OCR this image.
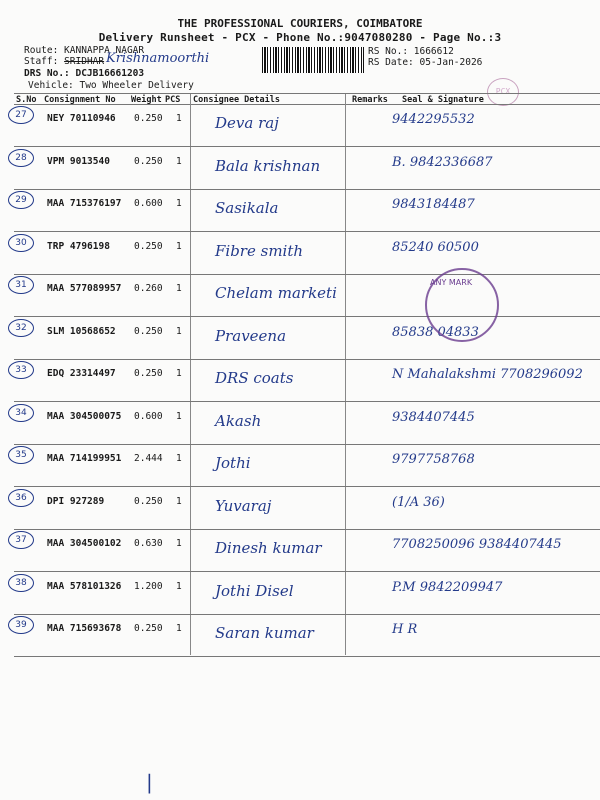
THE PROFESSIONAL COURIERS, COIMBATORE
Delivery Runsheet - PCX - Phone No.:9047080280 - Page No.:3
Route: KANNAPPA NAGAR
Staff: SRIDHAR Krishnamoorthi
DRS No.: DCJB16661203
Vehicle: Two Wheeler Delivery
RS No.: 1666612
RS Date: 05-Jan-2026
PCX
S.No Consignment No Weight PCS Consignee Details	Remarks Seal & Signature
27	NEY 70110946 0.250 1 Deva raj	9442295532
28	VPM 9013540	0.250 1 Bala krishnan	B. 9842336687
29	MAA 715376197 0.600 1 Sasikala	9843184487
30	TRP 4796198	0.250 1 Fibre smith	85240 60500
31	MAA 577089957 0.260 1 Chelam marketi
32	SLM 10568652 0.250 1 Praveena	85838 04833
33	EDQ 23314497 0.250 1 DRS coats	N Mahalakshmi 7708296092
34	MAA 304500075 0.600 1 Akash	9384407445
35	MAA 714199951 2.444 1 Jothi	9797758768
36	DPI 927289	0.250 1 Yuvaraj	(1/A 36)
37	MAA 304500102 0.630 1 Dinesh kumar	7708250096 9384407445
38	MAA 578101326 1.200 1 Jothi Disel	P.M 9842209947
39	MAA 715693678 0.250 1 Saran kumar	H R
ANY MARK
|
